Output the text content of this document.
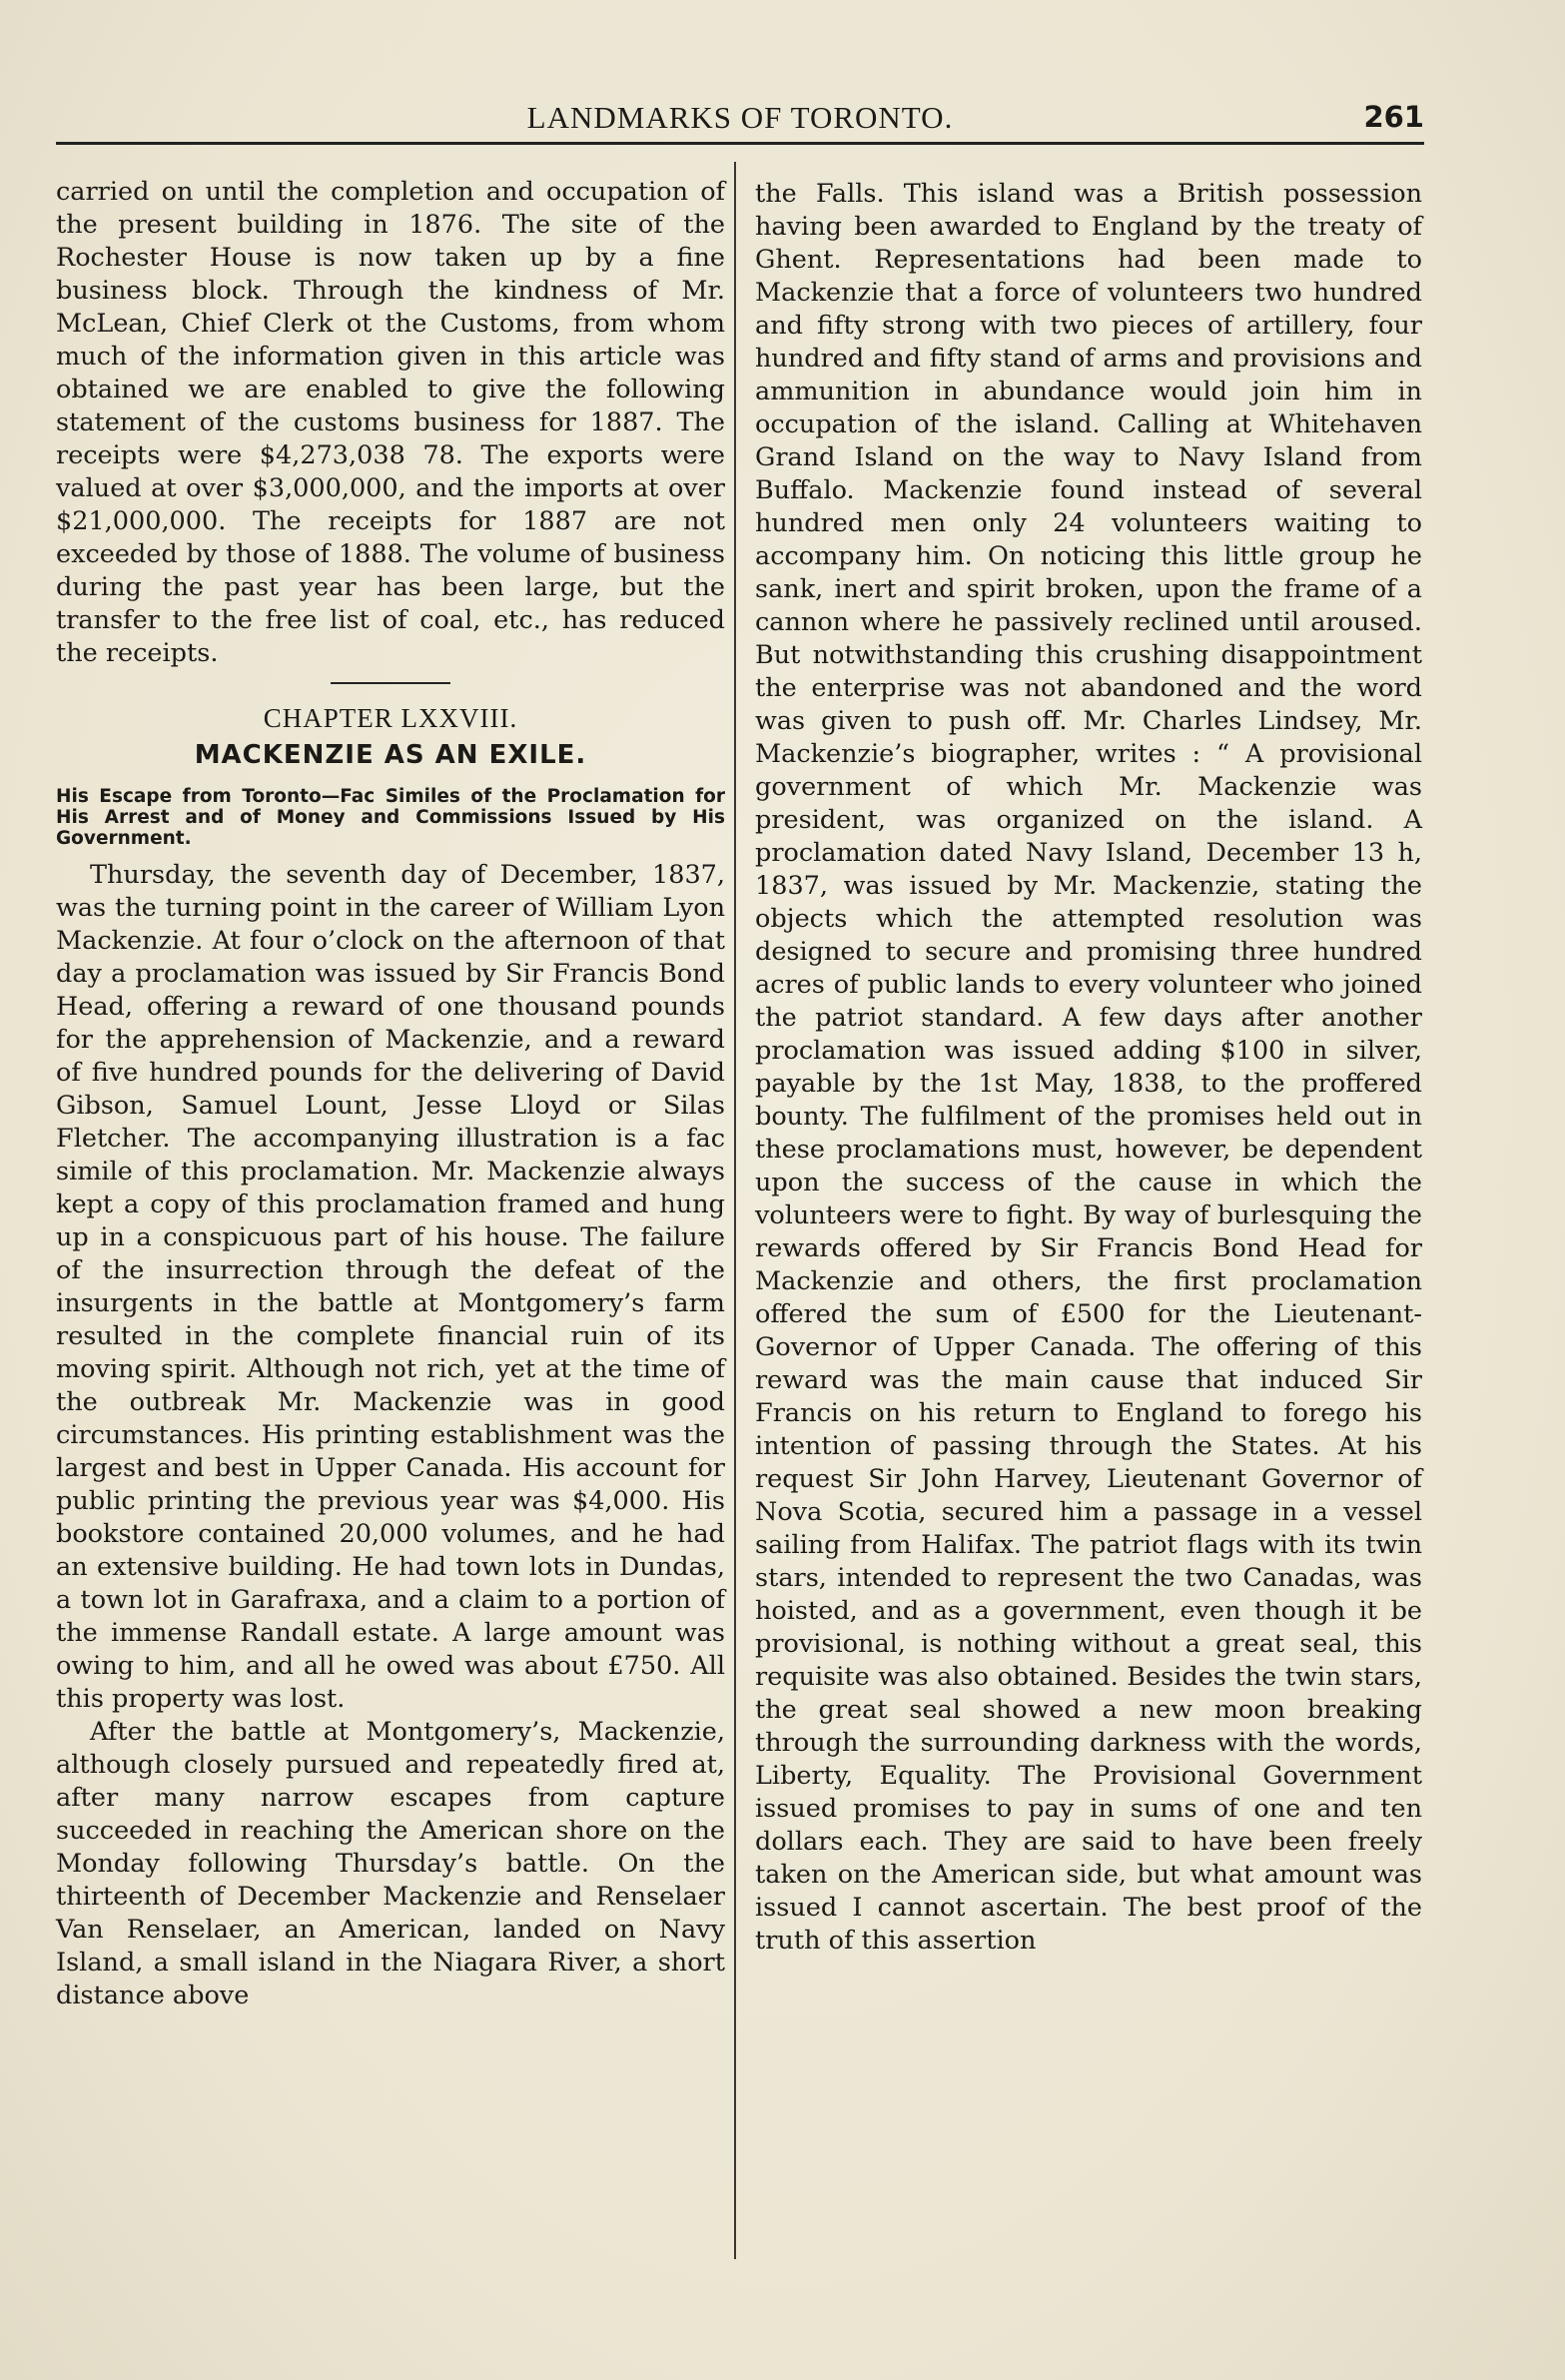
LANDMARKS OF TORONTO.	261

carried on until the completion and occupation of the present building in 1876. The site of the Rochester House is now taken up by a fine business block. Through the kindness of Mr. McLean, Chief Clerk ot the Customs, from whom much of the information given in this article was obtained we are enabled to give the following statement of the customs business for 1887. The receipts were $4,273,038 78. The exports were valued at over $3,000,000, and the imports at over $21,000,000. The receipts for 1887 are not exceeded by those of 1888. The volume of business during the past year has been large, but the transfer to the free list of coal, etc., has reduced the receipts.

CHAPTER LXXVIII.

MACKENZIE AS AN EXILE.

His Escape from Toronto—Fac Similes of the Proclamation for His Arrest and of Money and Commissions Issued by His Government.

Thursday, the seventh day of December, 1837, was the turning point in the career of William Lyon Mackenzie. At four o’clock on the afternoon of that day a proclamation was issued by Sir Francis Bond Head, offering a reward of one thousand pounds for the apprehension of Mackenzie, and a reward of five hundred pounds for the delivering of David Gibson, Samuel Lount, Jesse Lloyd or Silas Fletcher. The accompanying illustration is a fac simile of this proclamation. Mr. Mackenzie always kept a copy of this proclamation framed and hung up in a conspicuous part of his house. The failure of the insurrection through the defeat of the insurgents in the battle at Montgomery’s farm resulted in the complete financial ruin of its moving spirit. Although not rich, yet at the time of the outbreak Mr. Mackenzie was in good circumstances. His printing establishment was the largest and best in Upper Canada. His account for public printing the previous year was $4,000. His bookstore contained 20,000 volumes, and he had an extensive building. He had town lots in Dundas, a town lot in Garafraxa, and a claim to a portion of the immense Randall estate. A large amount was owing to him, and all he owed was about £750. All this property was lost.

After the battle at Montgomery’s, Mackenzie, although closely pursued and repeatedly fired at, after many narrow escapes from capture succeeded in reaching the American shore on the Monday following Thursday’s battle. On the thirteenth of December Mackenzie and Renselaer Van Renselaer, an American, landed on Navy Island, a small island in the Niagara River, a short distance above

the Falls. This island was a British possession having been awarded to England by the treaty of Ghent. Representations had been made to Mackenzie that a force of volunteers two hundred and fifty strong with two pieces of artillery, four hundred and fifty stand of arms and provisions and ammunition in abundance would join him in occupation of the island. Calling at Whitehaven Grand Island on the way to Navy Island from Buffalo. Mackenzie found instead of several hundred men only 24 volunteers waiting to accompany him. On noticing this little group he sank, inert and spirit broken, upon the frame of a cannon where he passively reclined until aroused. But notwithstanding this crushing disappointment the enterprise was not abandoned and the word was given to push off. Mr. Charles Lindsey, Mr. Mackenzie’s biographer, writes : “ A provisional government of which Mr. Mackenzie was president, was organized on the island. A proclamation dated Navy Island, December 13 h, 1837, was issued by Mr. Mackenzie, stating the objects which the attempted resolution was designed to secure and promising three hundred acres of public lands to every volunteer who joined the patriot standard. A few days after another proclamation was issued adding $100 in silver, payable by the 1st May, 1838, to the proffered bounty. The fulfilment of the promises held out in these proclamations must, however, be dependent upon the success of the cause in which the volunteers were to fight. By way of burlesquing the rewards offered by Sir Francis Bond Head for Mackenzie and others, the first proclamation offered the sum of £500 for the Lieutenant-Governor of Upper Canada. The offering of this reward was the main cause that induced Sir Francis on his return to England to forego his intention of passing through the States. At his request Sir John Harvey, Lieutenant Governor of Nova Scotia, secured him a passage in a vessel sailing from Halifax. The patriot flags with its twin stars, intended to represent the two Canadas, was hoisted, and as a government, even though it be provisional, is nothing without a great seal, this requisite was also obtained. Besides the twin stars, the great seal showed a new moon breaking through the surrounding darkness with the words, Liberty, Equality. The Provisional Government issued promises to pay in sums of one and ten dollars each. They are said to have been freely taken on the American side, but what amount was issued I cannot ascertain. The best proof of the truth of this assertion
